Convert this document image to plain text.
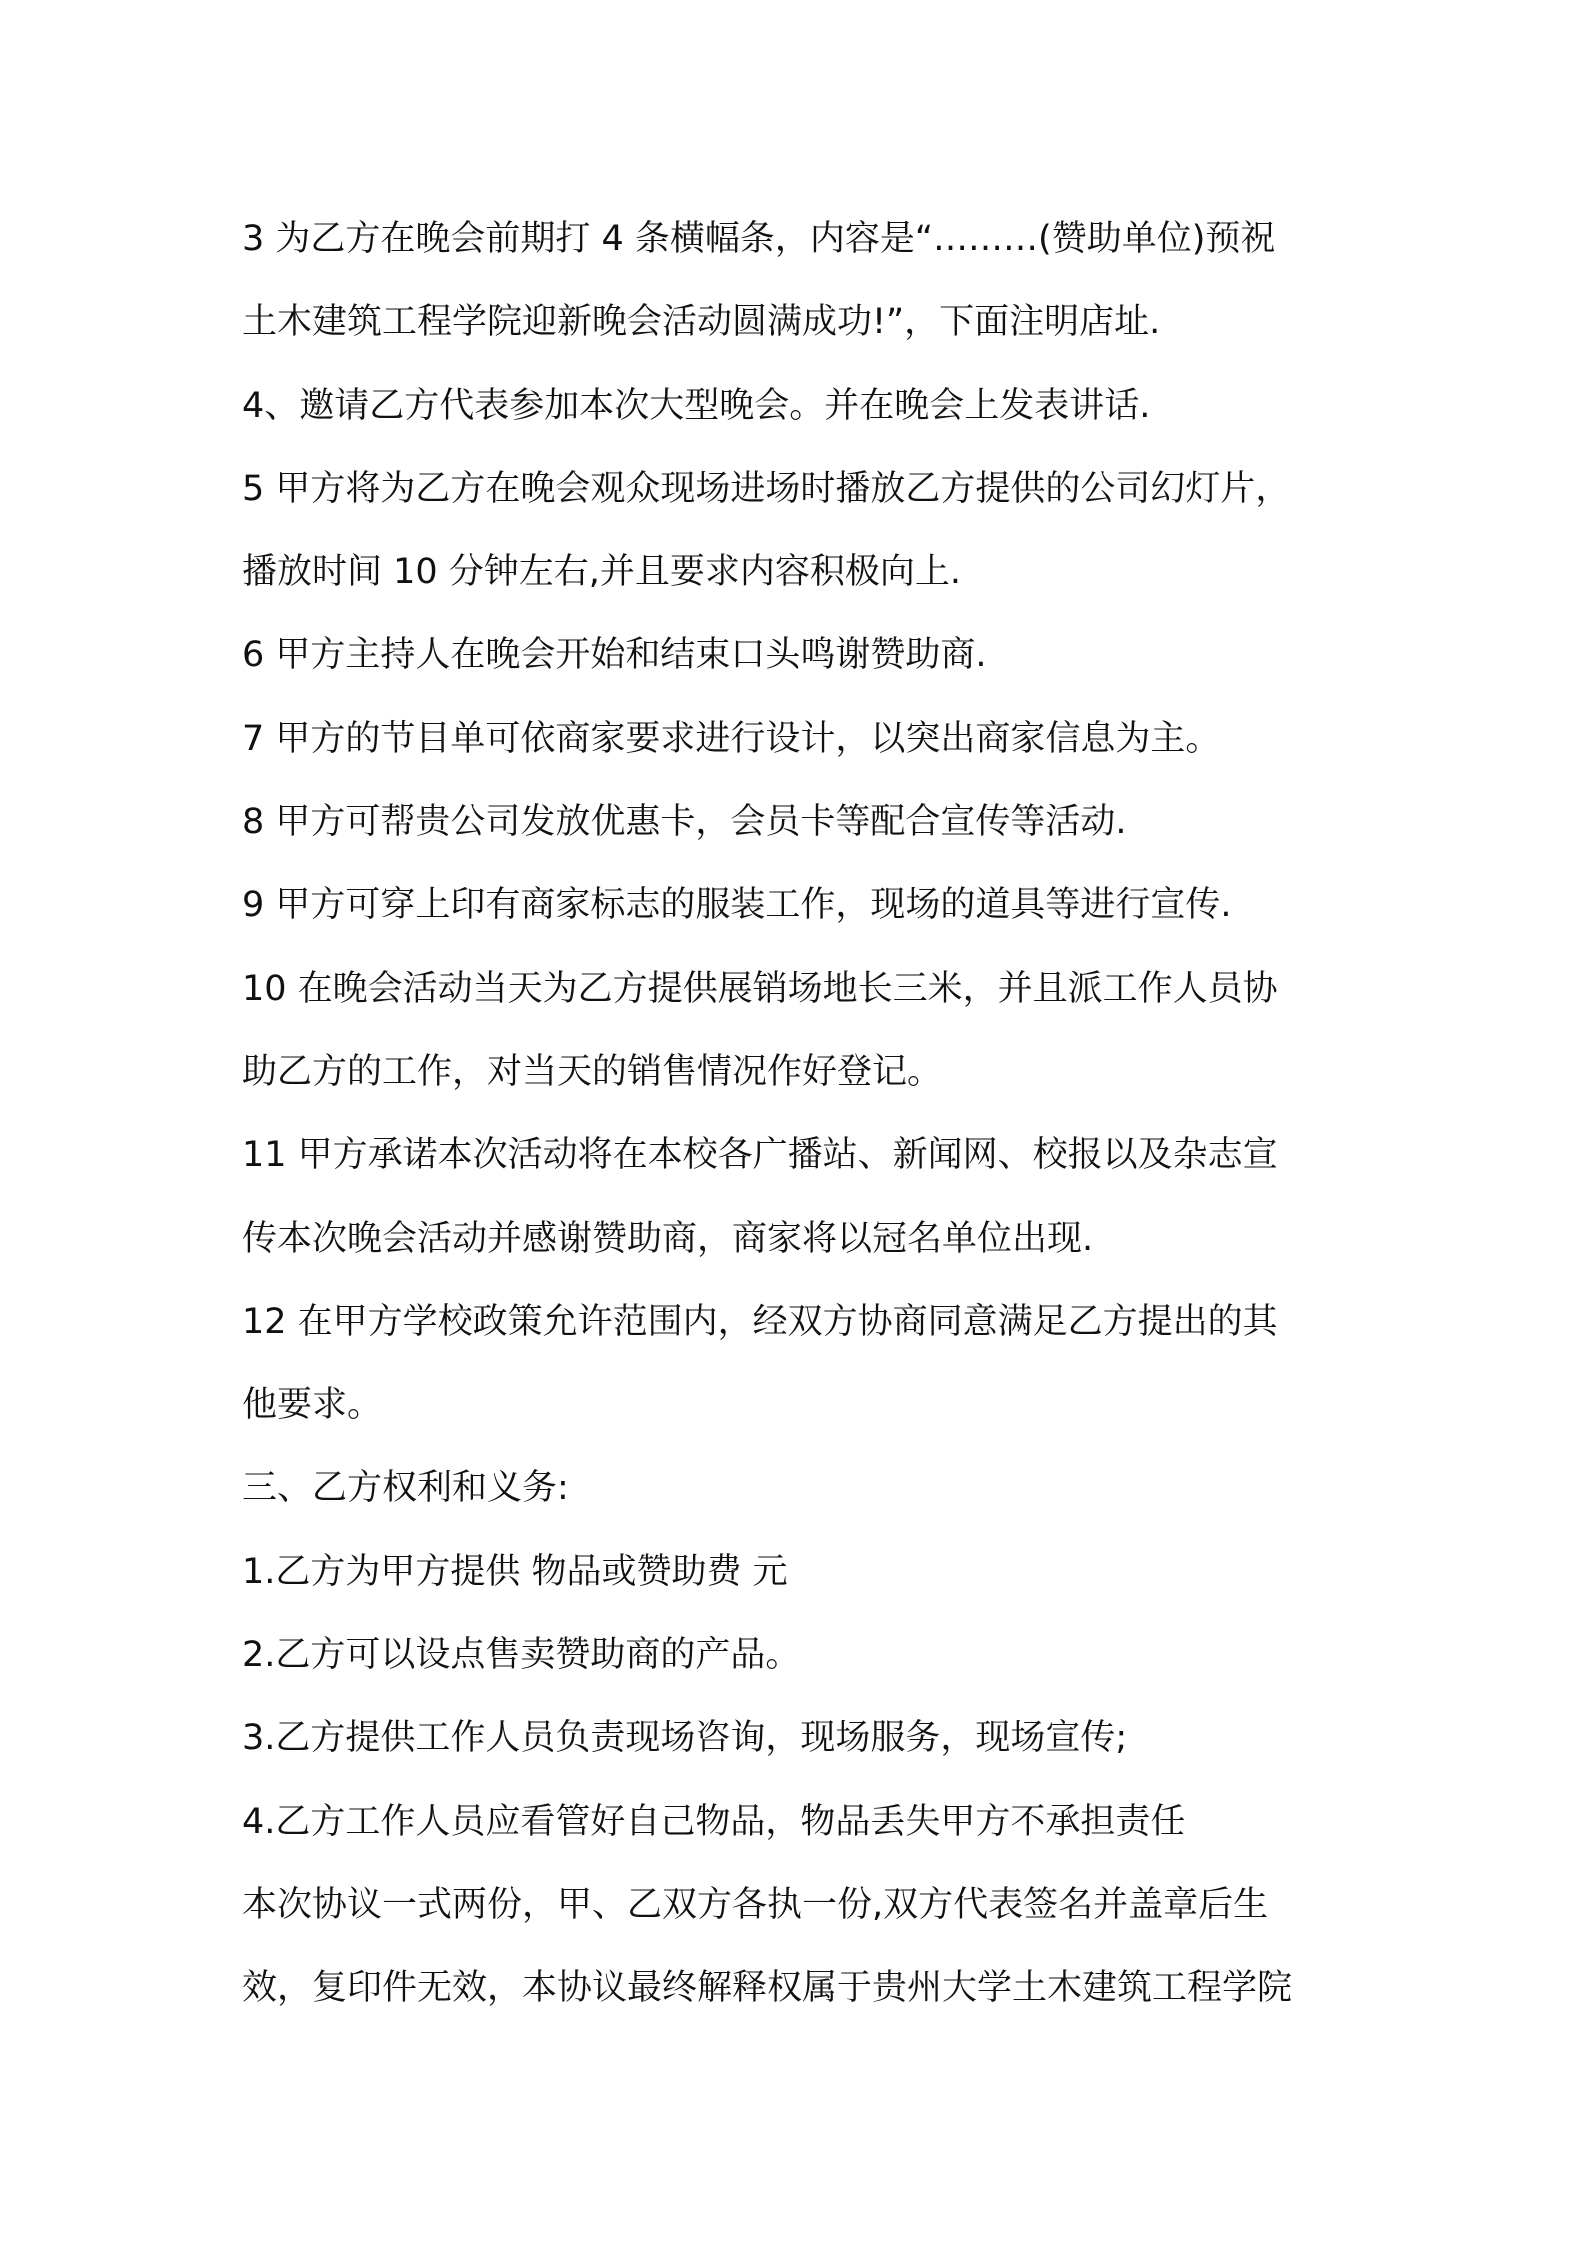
3 为乙方在晚会前期打 4 条横幅条，内容是“………(赞助单位)预祝
土木建筑工程学院迎新晚会活动圆满成功!”，下面注明店址.
4、邀请乙方代表参加本次大型晚会。并在晚会上发表讲话.
5 甲方将为乙方在晚会观众现场进场时播放乙方提供的公司幻灯片，
播放时间 10 分钟左右,并且要求内容积极向上.
6 甲方主持人在晚会开始和结束口头鸣谢赞助商.
7 甲方的节目单可依商家要求进行设计，以突出商家信息为主。
8 甲方可帮贵公司发放优惠卡，会员卡等配合宣传等活动.
9 甲方可穿上印有商家标志的服装工作，现场的道具等进行宣传.
10 在晚会活动当天为乙方提供展销场地长三米，并且派工作人员协
助乙方的工作，对当天的销售情况作好登记。
11 甲方承诺本次活动将在本校各广播站、新闻网、校报以及杂志宣
传本次晚会活动并感谢赞助商，商家将以冠名单位出现.
12 在甲方学校政策允许范围内，经双方协商同意满足乙方提出的其
他要求。
三、乙方权利和义务:
1.乙方为甲方提供 物品或赞助费 元
2.乙方可以设点售卖赞助商的产品。
3.乙方提供工作人员负责现场咨询，现场服务，现场宣传;
4.乙方工作人员应看管好自己物品，物品丢失甲方不承担责任
本次协议一式两份，甲、乙双方各执一份,双方代表签名并盖章后生
效，复印件无效，本协议最终解释权属于贵州大学土木建筑工程学院
